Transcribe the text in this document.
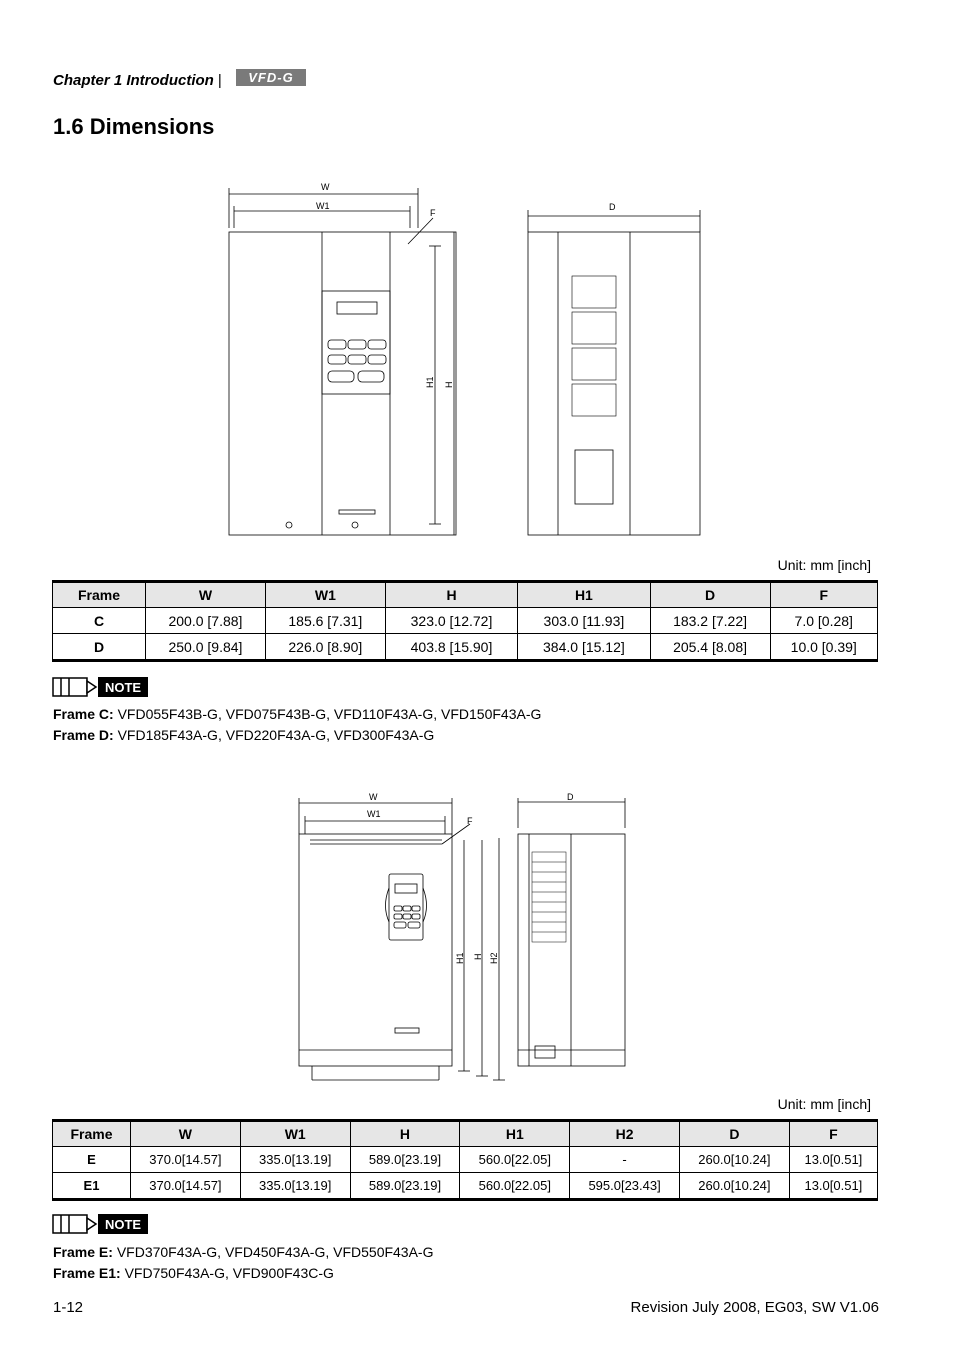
Chapter 1 Introduction |	VFD-G
1.6 Dimensions
W
W1	D
F
H1 H
Unit: mm [inch]
Frame	W	W1	H	H1	D	F
C	200.0 [7.88]	185.6 [7.31]	323.0 [12.72]	303.0 [11.93]	183.2 [7.22]	7.0 [0.28]
D	250.0 [9.84]	226.0 [8.90]	403.8 [15.90]	384.0 [15.12]	205.4 [8.08]	10.0 [0.39]
NOTE
Frame C: VFD055F43B-G, VFD075F43B-G, VFD110F43A-G, VFD150F43A-G
Frame D: VFD185F43A-G, VFD220F43A-G, VFD300F43A-G
W
W1
D
F
H1 H H2
Unit: mm [inch]
Frame	W	W1	H	H1	H2	D	F
E	370.0[14.57]	335.0[13.19]	589.0[23.19]	560.0[22.05]	-	260.0[10.24]	13.0[0.51]
E1	370.0[14.57]	335.0[13.19]	589.0[23.19]	560.0[22.05]	595.0[23.43]	260.0[10.24]	13.0[0.51]
NOTE
Frame E: VFD370F43A-G, VFD450F43A-G, VFD550F43A-G
Frame E1: VFD750F43A-G, VFD900F43C-G
1-12	Revision July 2008, EG03, SW V1.06
